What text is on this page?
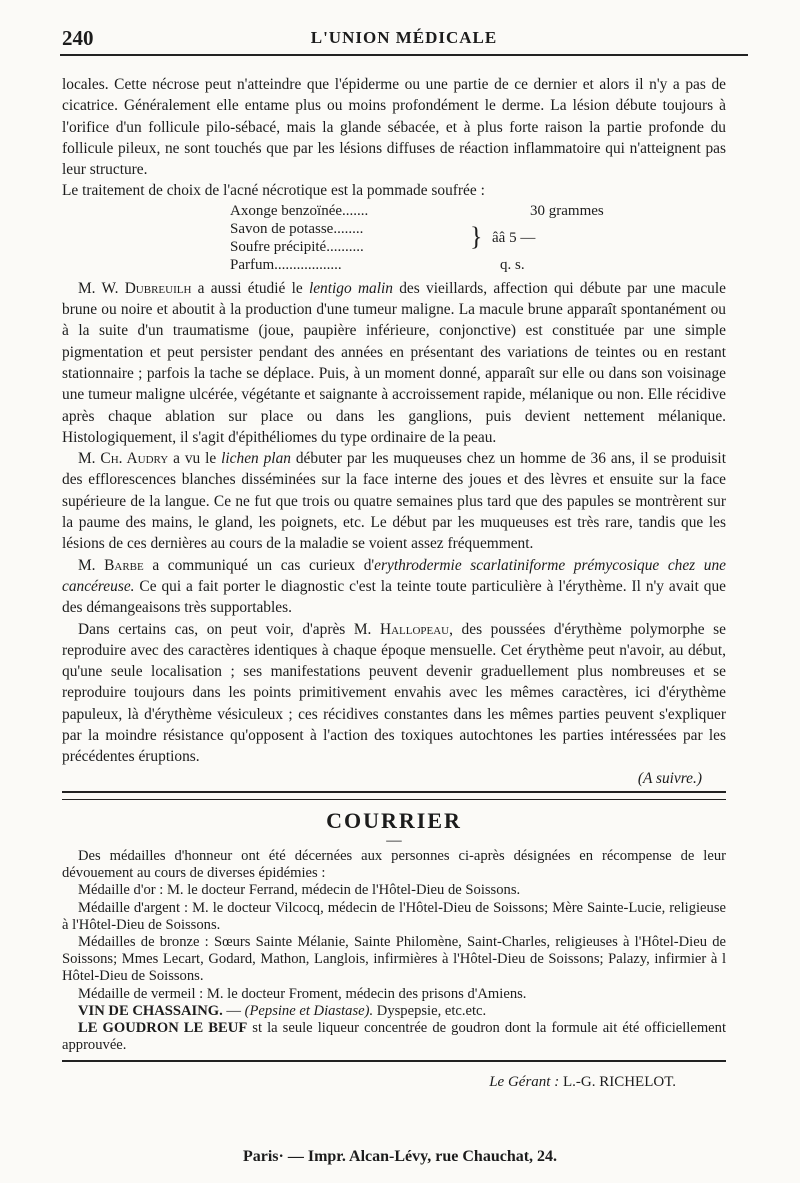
240	L'UNION MÉDICALE

locales. Cette nécrose peut n'atteindre que l'épiderme ou une partie de ce dernier et alors il n'y a pas de cicatrice. Généralement elle entame plus ou moins profondément le derme. La lésion débute toujours à l'orifice d'un follicule pilo-sébacé, mais la glande sébacée, et à plus forte raison la partie profonde du follicule pileux, ne sont touchés que par les lésions diffuses de réaction inflammatoire qui n'atteignent pas leur structure.

Le traitement de choix de l'acné nécrotique est la pommade soufrée :

Axonge benzoïnée.......	30 grammes
Savon de potasse........
Soufre précipité..........	} ââ 5 —
Parfum..................	q. s.

M. W. Dubreuilh a aussi étudié le lentigo malin des vieillards, affection qui débute par une macule brune ou noire et aboutit à la production d'une tumeur maligne. La macule brune apparaît spontanément ou à la suite d'un traumatisme (joue, paupière inférieure, conjonctive) est constituée par une simple pigmentation et peut persister pendant des années en présentant des variations de teintes ou en restant stationnaire ; parfois la tache se déplace. Puis, à un moment donné, apparaît sur elle ou dans son voisinage une tumeur maligne ulcérée, végétante et saignante à accroissement rapide, mélanique ou non. Elle récidive après chaque ablation sur place ou dans les ganglions, puis devient nettement mélanique. Histologiquement, il s'agit d'épithéliomes du type ordinaire de la peau.

M. Ch. Audry a vu le lichen plan débuter par les muqueuses chez un homme de 36 ans, il se produisit des efflorescences blanches disséminées sur la face interne des joues et des lèvres et ensuite sur la face supérieure de la langue. Ce ne fut que trois ou quatre semaines plus tard que des papules se montrèrent sur la paume des mains, le gland, les poignets, etc. Le début par les muqueuses est très rare, tandis que les lésions de ces dernières au cours de la maladie se voient assez fréquemment.

M. Barbe a communiqué un cas curieux d'erythrodermie scarlatiniforme prémycosique chez une cancéreuse. Ce qui a fait porter le diagnostic c'est la teinte toute particulière à l'érythème. Il n'y avait que des démangeaisons très supportables.

Dans certains cas, on peut voir, d'après M. Hallopeau, des poussées d'érythème polymorphe se reproduire avec des caractères identiques à chaque époque mensuelle. Cet érythème peut n'avoir, au début, qu'une seule localisation ; ses manifestations peuvent devenir graduellement plus nombreuses et se reproduire toujours dans les points primitivement envahis avec les mêmes caractères, ici d'érythème papuleux, là d'érythème vésiculeux ; ces récidives constantes dans les mêmes parties peuvent s'expliquer par la moindre résistance qu'opposent à l'action des toxiques autochtones les parties intéressées par les précédentes éruptions.

(A suivre.)

COURRIER
—

Des médailles d'honneur ont été décernées aux personnes ci-après désignées en récompense de leur dévouement au cours de diverses épidémies :

Médaille d'or : M. le docteur Ferrand, médecin de l'Hôtel-Dieu de Soissons.

Médaille d'argent : M. le docteur Vilcocq, médecin de l'Hôtel-Dieu de Soissons; Mère Sainte-Lucie, religieuse à l'Hôtel-Dieu de Soissons.

Médailles de bronze : Sœurs Sainte Mélanie, Sainte Philomène, Saint-Charles, religieuses à l'Hôtel-Dieu de Soissons; Mmes Lecart, Godard, Mathon, Langlois, infirmières à l'Hôtel-Dieu de Soissons; Palazy, infirmier à l Hôtel-Dieu de Soissons.

Médaille de vermeil : M. le docteur Froment, médecin des prisons d'Amiens.

VIN DE CHASSAING. — (Pepsine et Diastase). Dyspepsie, etc.etc.

LE GOUDRON LE BEUF st la seule liqueur concentrée de goudron dont la formule ait été officiellement approuvée.

Le Gérant : L.-G. RICHELOT.
Paris· — Impr. Alcan-Lévy, rue Chauchat, 24.
